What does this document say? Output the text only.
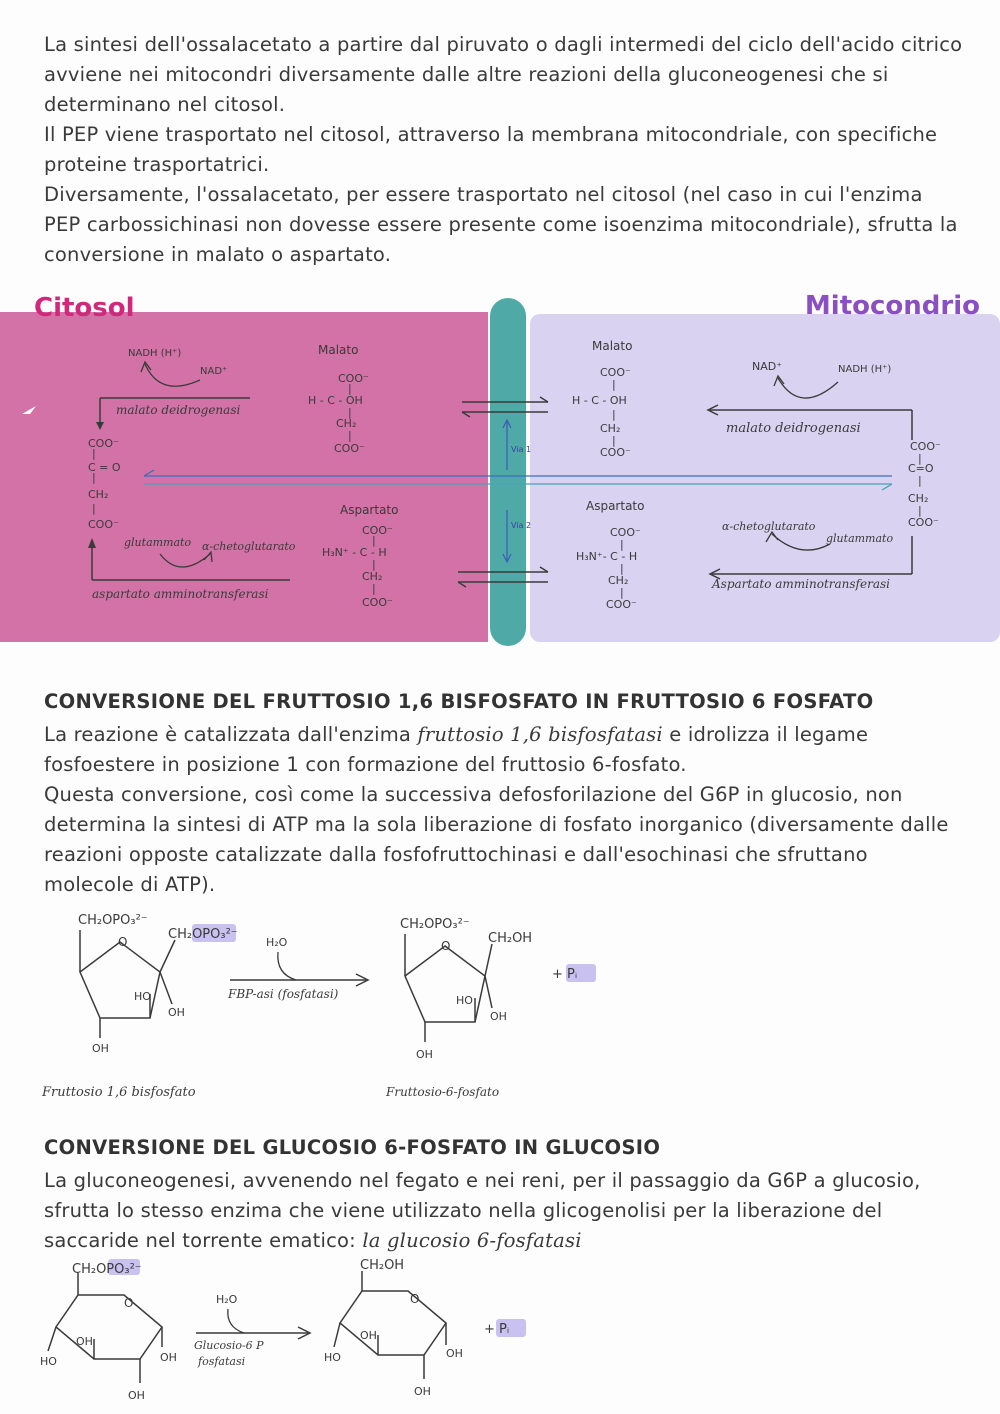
La sintesi dell'ossalacetato a partire dal piruvato o dagli intermedi del ciclo dell'acido citrico avviene nei mitocondri diversamente dalle altre reazioni della gluconeogenesi che si determinano nel citosol.

Il PEP viene trasportato nel citosol, attraverso la membrana mitocondriale, con specifiche proteine trasportatrici.

Diversamente, l'ossalacetato, per essere trasportato nel citosol (nel caso in cui l'enzima PEP carbossichinasi non dovesse essere presente come isoenzima mitocondriale), sfrutta la conversione in malato o aspartato.

Citosol	Mitocondrio
NADH (H⁺)
NAD⁺
malato deidrogenasi
COO⁻
|
C = O
|
CH₂
|
COO⁻
glutammato α-chetoglutarato
aspartato amminotransferasi
Malato
COO⁻
|
H - C - OH
|
CH₂
|
COO⁻
Aspartato
COO⁻
|
H₃N⁺ - C - H
|
CH₂
|
COO⁻
Via 1
Via 2
Malato
COO⁻
|
H - C - OH
|
CH₂
|
COO⁻
Aspartato
COO⁻
|
H₃N⁺- C - H
|
CH₂
|
COO⁻
NAD⁺	NADH (H⁺)
malato deidrogenasi
COO⁻
|
C=O
|
CH₂
|
COO⁻
α-chetoglutarato
glutammato
Aspartato amminotransferasi
CONVERSIONE DEL FRUTTOSIO 1,6 BISFOSFATO IN FRUTTOSIO 6 FOSFATO

La reazione è catalizzata dall'enzima fruttosio 1,6 bisfosfatasi e idrolizza il legame fosfoestere in posizione 1 con formazione del fruttosio 6-fosfato.

Questa conversione, così come la successiva defosforilazione del G6P in glucosio, non determina la sintesi di ATP ma la sola liberazione di fosfato inorganico (diversamente dalle reazioni opposte catalizzate dalla fosfofruttochinasi e dall'esochinasi che sfruttano molecole di ATP).

CH₂OPO₃²⁻
CH₂OPO₃²⁻
O
HO
OH
OH
H₂O
FBP-asi (fosfatasi)
CH₂OPO₃²⁻
CH₂OH
O
HO
OH
OH
+ Pᵢ
Fruttosio 1,6 bisfosfato	Fruttosio-6-fosfato
CONVERSIONE DEL GLUCOSIO 6-FOSFATO IN GLUCOSIO

La gluconeogenesi, avvenendo nel fegato e nei reni, per il passaggio da G6P a glucosio, sfrutta lo stesso enzima che viene utilizzato nella glicogenolisi per la liberazione del saccaride nel torrente ematico: la glucosio 6-fosfatasi

CH₂OPO₃²⁻
O
OH
HO	OH
OH
H₂O
Glucosio-6 P
fosfatasi
CH₂OH
O
OH
HO	OH
OH
+ Pᵢ
